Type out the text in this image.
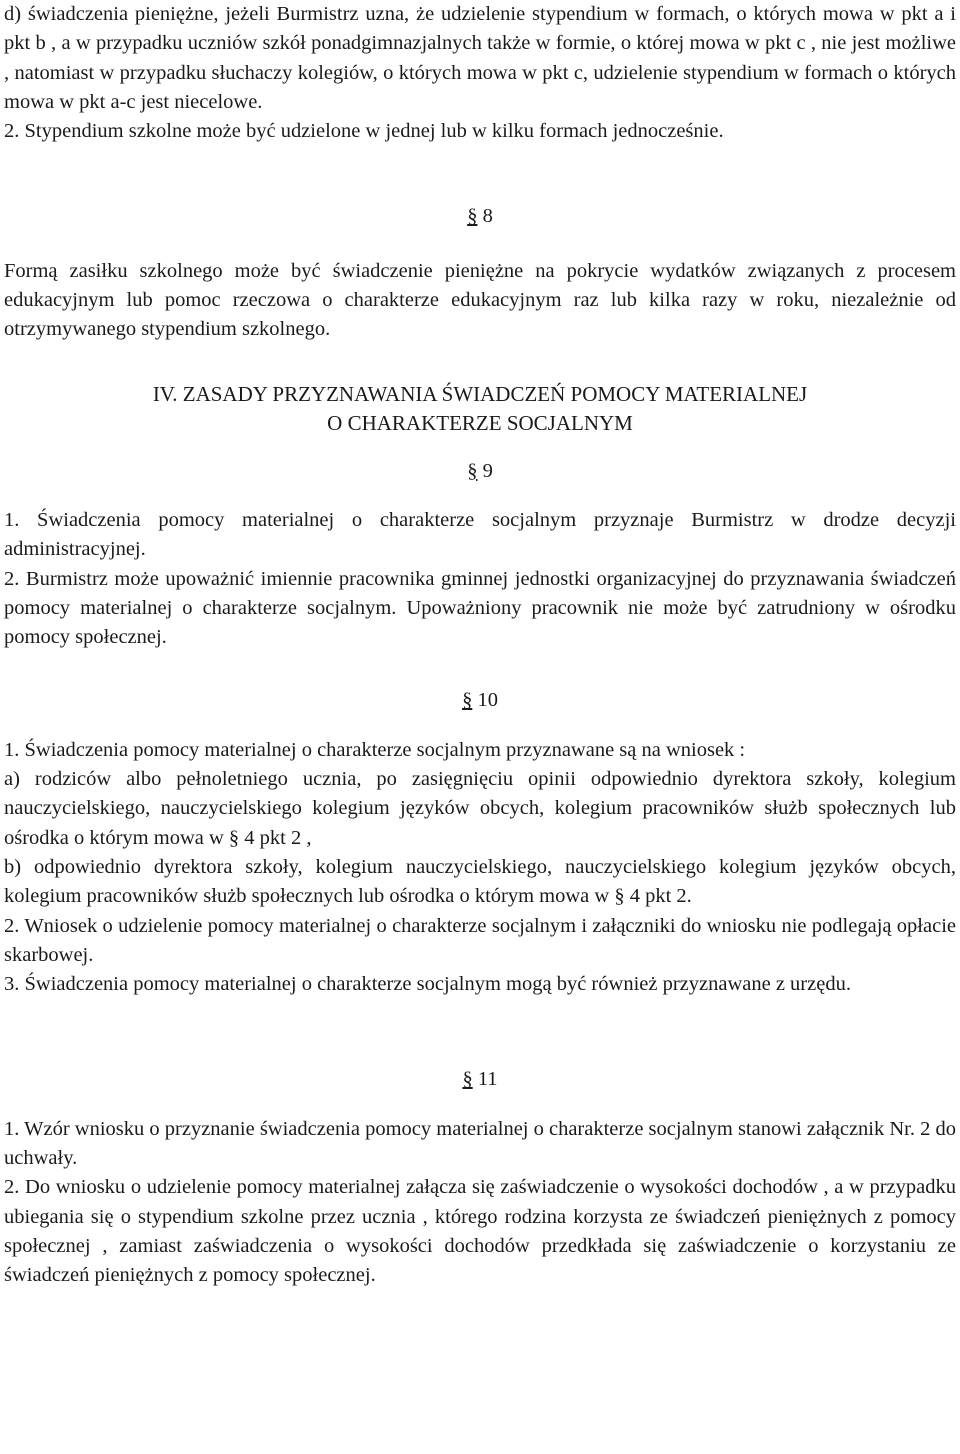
d) świadczenia pieniężne, jeżeli Burmistrz uzna, że udzielenie stypendium w formach, o których mowa w pkt a i pkt b , a w przypadku uczniów szkół ponadgimnazjalnych także w formie, o której mowa w pkt c , nie jest możliwe , natomiast w przypadku słuchaczy kolegiów, o których mowa w pkt c, udzielenie stypendium w formach o których mowa w pkt a-c jest niecelowe.

2. Stypendium szkolne może być udzielone w jednej lub w kilku formach jednocześnie.

§ 8

Formą zasiłku szkolnego może być świadczenie pieniężne na pokrycie wydatków związanych z procesem edukacyjnym lub pomoc rzeczowa o charakterze edukacyjnym raz lub kilka razy w roku, niezależnie od otrzymywanego stypendium szkolnego.

IV. ZASADY PRZYZNAWANIA ŚWIADCZEŃ POMOCY MATERIALNEJ

O CHARAKTERZE SOCJALNYM

§ 9

1. Świadczenia pomocy materialnej o charakterze socjalnym przyznaje Burmistrz w drodze decyzji administracyjnej.

2. Burmistrz może upoważnić imiennie pracownika gminnej jednostki organizacyjnej do przyznawania świadczeń pomocy materialnej o charakterze socjalnym. Upoważniony pracownik nie może być zatrudniony w ośrodku pomocy społecznej.

§ 10

1. Świadczenia pomocy materialnej o charakterze socjalnym przyznawane są na wniosek :

a) rodziców albo pełnoletniego ucznia, po zasięgnięciu opinii odpowiednio dyrektora szkoły, kolegium nauczycielskiego, nauczycielskiego kolegium języków obcych, kolegium pracowników służb społecznych lub ośrodka o którym mowa w § 4 pkt 2 ,

b) odpowiednio dyrektora szkoły, kolegium nauczycielskiego, nauczycielskiego kolegium języków obcych, kolegium pracowników służb społecznych lub ośrodka o którym mowa w § 4 pkt 2.

2. Wniosek o udzielenie pomocy materialnej o charakterze socjalnym i załączniki do wniosku nie podlegają opłacie skarbowej.

3. Świadczenia pomocy materialnej o charakterze socjalnym mogą być również przyznawane z urzędu.

§ 11

1. Wzór wniosku o przyznanie świadczenia pomocy materialnej o charakterze socjalnym stanowi załącznik Nr. 2 do uchwały.

2. Do wniosku o udzielenie pomocy materialnej załącza się zaświadczenie o wysokości dochodów , a w przypadku ubiegania się o stypendium szkolne przez ucznia , którego rodzina korzysta ze świadczeń pieniężnych z pomocy społecznej , zamiast zaświadczenia o wysokości dochodów przedkłada się zaświadczenie o korzystaniu ze świadczeń pieniężnych z pomocy społecznej.
